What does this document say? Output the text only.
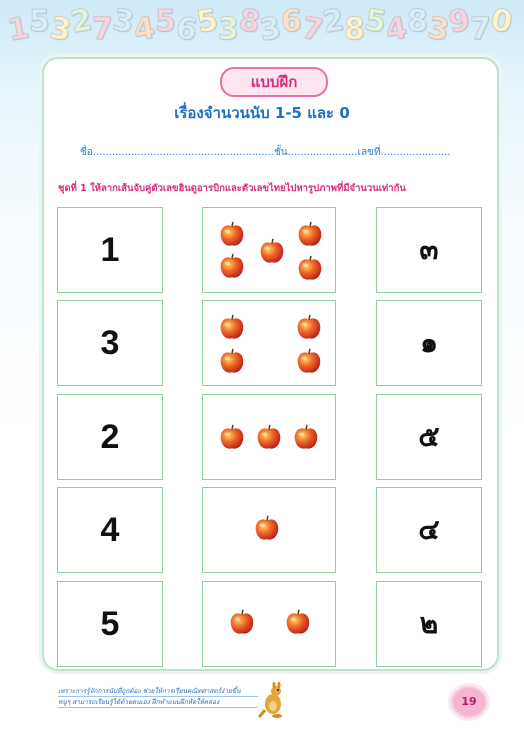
1
5
3
2
7
3
4
5
6
5
3
8
3
6
7
2
8
5
4
8
3
9
7
0
แบบฝึก
เรื่องจำนวนนับ 1-5 และ 0
ชื่อ.........................................................ชั้น......................เลขที่......................
ชุดที่ 1 ให้ลากเส้นจับคู่ตัวเลขฮินดูอารบิกและตัวเลขไทยไปหารูปภาพที่มีจำนวนเท่ากัน
1	๓
3	๑
2	๕
4	๔
5	๒
เพราะการรู้จักการนับที่ถูกต้อง ช่วยให้การเรียนคณิตศาสตร์ง่ายขึ้น
หนูๆ สามารถเรียนรู้ได้ด้วยตนเอง ฝึกทำแบบฝึกหัดให้คล่อง	19
